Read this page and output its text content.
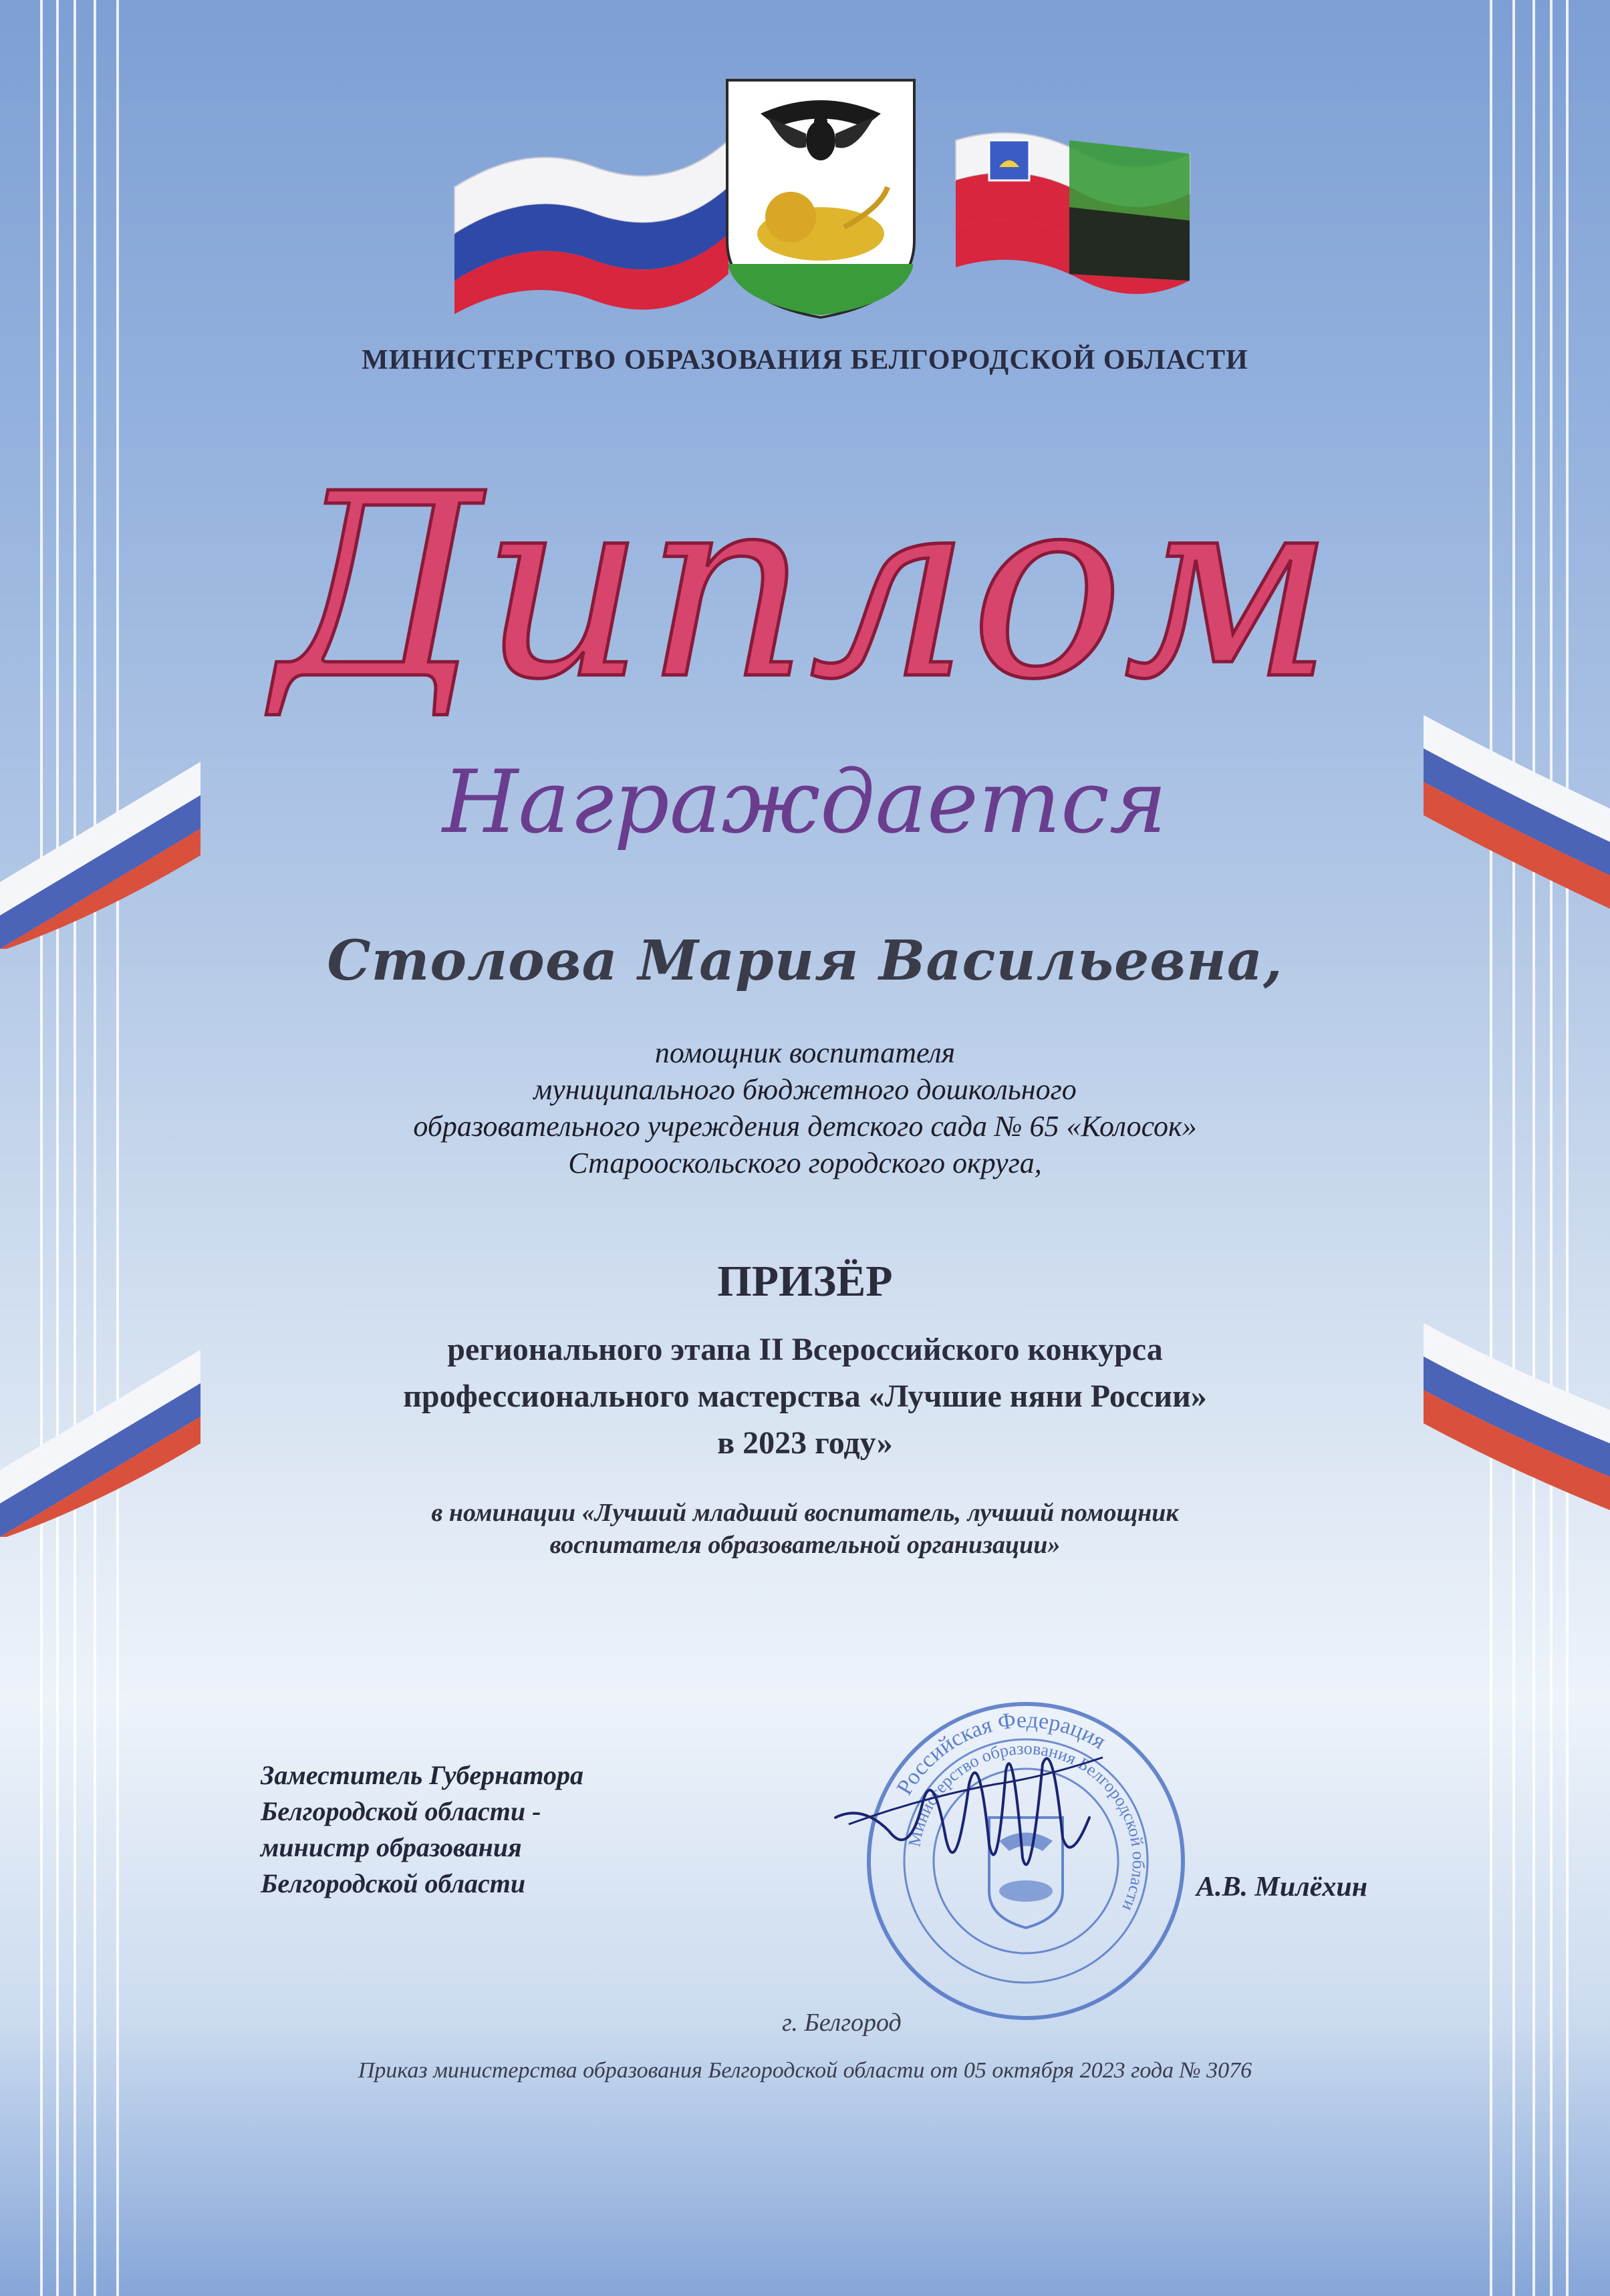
МИНИСТЕРСТВО ОБРАЗОВАНИЯ БЕЛГОРОДСКОЙ ОБЛАСТИ
Диплом
Награждается
Столова Мария Васильевна,
помощник воспитателя
муниципального бюджетного дошкольного
образовательного учреждения детского сада № 65 «Колосок»
Старооскольского городского округа,
ПРИЗЁР
регионального этапа II Всероссийского конкурса
профессионального мастерства «Лучшие няни России»
в 2023 году»
в номинации «Лучший младший воспитатель, лучший помощник
воспитателя образовательной организации»
Заместитель Губернатора
Белгородской области -
министр образования
Белгородской области
Российская Федерация
Министерство образования Белгородской области
А.В. Милёхин
г. Белгород
Приказ министерства образования Белгородской области от 05 октября 2023 года № 3076
